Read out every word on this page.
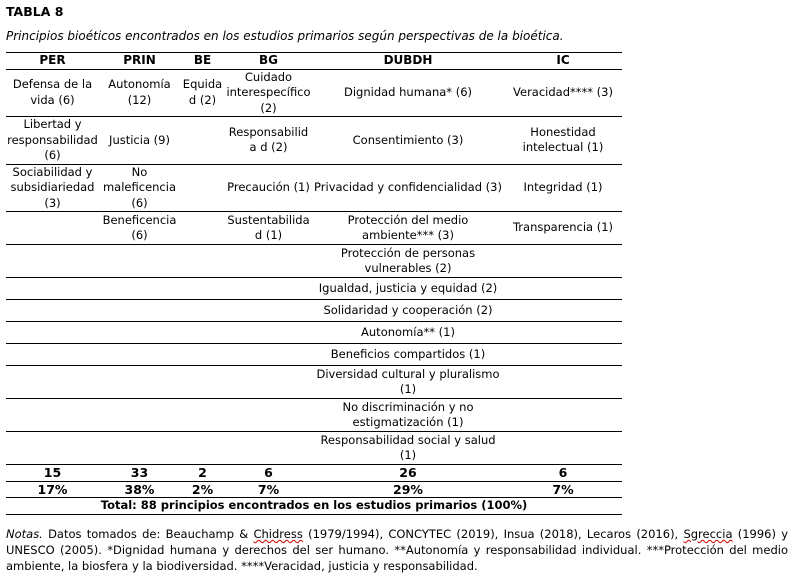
TABLA 8
Principios bioéticos encontrados en los estudios primarios según perspectivas de la bioética.
PER	PRIN	BE	BG	DUBDH	IC
Defensa de la vida (6)	Autonomía (12)	Equida d (2)	Cuidado interespecífico (2)	Dignidad humana* (6)	Veracidad**** (3)
Libertad y responsabilidad (6)	Justicia (9)		Responsabilida d (2)	Consentimiento (3)	Honestidad intelectual (1)
Sociabilidad y subsidiariedad (3)	No maleficencia (6)		Precaución (1)	Privacidad y confidencialidad (3)	Integridad (1)
	Beneficencia (6)		Sustentabilidad (1)	Protección del medio ambiente*** (3)	Transparencia (1)
				Protección de personas vulnerables (2)	
				Igualdad, justicia y equidad (2)	
				Solidaridad y cooperación (2)	
				Autonomía** (1)	
				Beneficios compartidos (1)	
				Diversidad cultural y pluralismo (1)	
				No discriminación y no estigmatización (1)	
				Responsabilidad social y salud (1)	
15	33	2	6	26	6
17%	38%	2%	7%	29%	7%
Total: 88 principios encontrados en los estudios primarios (100%)					
Notas. Datos tomados de: Beauchamp & Chidress (1979/1994), CONCYTEC (2019), Insua (2018), Lecaros (2016), Sgreccia (1996) y UNESCO (2005). *Dignidad humana y derechos del ser humano. **Autonomía y responsabilidad individual. ***Protección del medio ambiente, la biosfera y la biodiversidad. ****Veracidad, justicia y responsabilidad.
